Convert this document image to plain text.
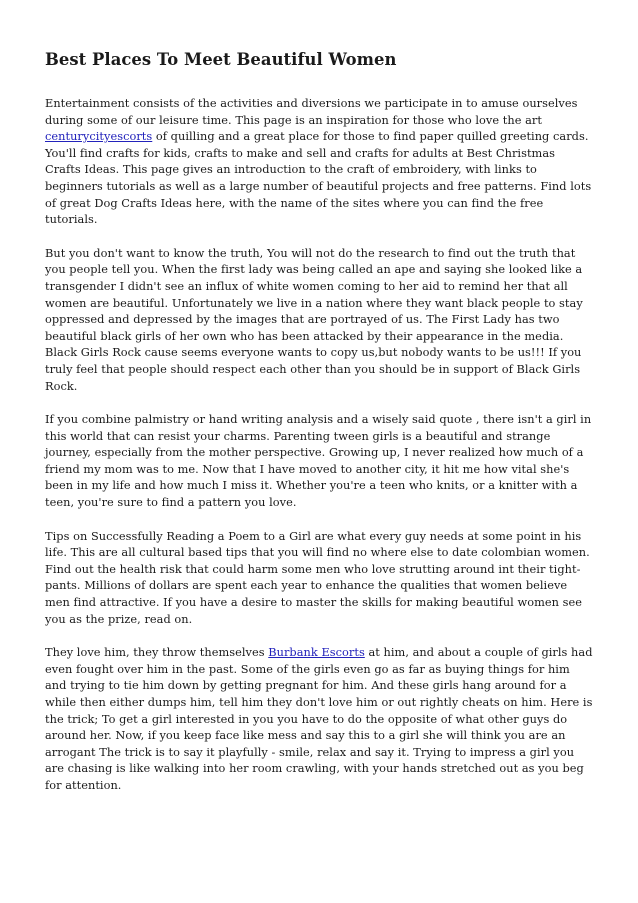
Best Places To Meet Beautiful Women

Entertainment consists of the activities and diversions we participate in to amuse ourselves during some of our leisure time. This page is an inspiration for those who love the art centurycityescorts of quilling and a great place for those to find paper quilled greeting cards. You'll find crafts for kids, crafts to make and sell and crafts for adults at Best Christmas Crafts Ideas. This page gives an introduction to the craft of embroidery, with links to beginners tutorials as well as a large number of beautiful projects and free patterns. Find lots of great Dog Crafts Ideas here, with the name of the sites where you can find the free tutorials.

But you don't want to know the truth, You will not do the research to find out the truth that you people tell you. When the first lady was being called an ape and saying she looked like a transgender I didn't see an influx of white women coming to her aid to remind her that all women are beautiful. Unfortunately we live in a nation where they want black people to stay oppressed and depressed by the images that are portrayed of us. The First Lady has two beautiful black girls of her own who has been attacked by their appearance in the media. Black Girls Rock cause seems everyone wants to copy us,but nobody wants to be us!!! If you truly feel that people should respect each other than you should be in support of Black Girls Rock.

If you combine palmistry or hand writing analysis and a wisely said quote , there isn't a girl in this world that can resist your charms. Parenting tween girls is a beautiful and strange journey, especially from the mother perspective. Growing up, I never realized how much of a friend my mom was to me. Now that I have moved to another city, it hit me how vital she's been in my life and how much I miss it. Whether you're a teen who knits, or a knitter with a teen, you're sure to find a pattern you love.

Tips on Successfully Reading a Poem to a Girl are what every guy needs at some point in his life. This are all cultural based tips that you will find no where else to date colombian women. Find out the health risk that could harm some men who love strutting around int their tight-pants. Millions of dollars are spent each year to enhance the qualities that women believe men find attractive. If you have a desire to master the skills for making beautiful women see you as the prize, read on.

They love him, they throw themselves Burbank Escorts at him, and about a couple of girls had even fought over him in the past. Some of the girls even go as far as buying things for him and trying to tie him down by getting pregnant for him. And these girls hang around for a while then either dumps him, tell him they don't love him or out rightly cheats on him. Here is the trick; To get a girl interested in you you have to do the opposite of what other guys do around her. Now, if you keep face like mess and say this to a girl she will think you are an arrogant The trick is to say it playfully - smile, relax and say it. Trying to impress a girl you are chasing is like walking into her room crawling, with your hands stretched out as you beg for attention.
